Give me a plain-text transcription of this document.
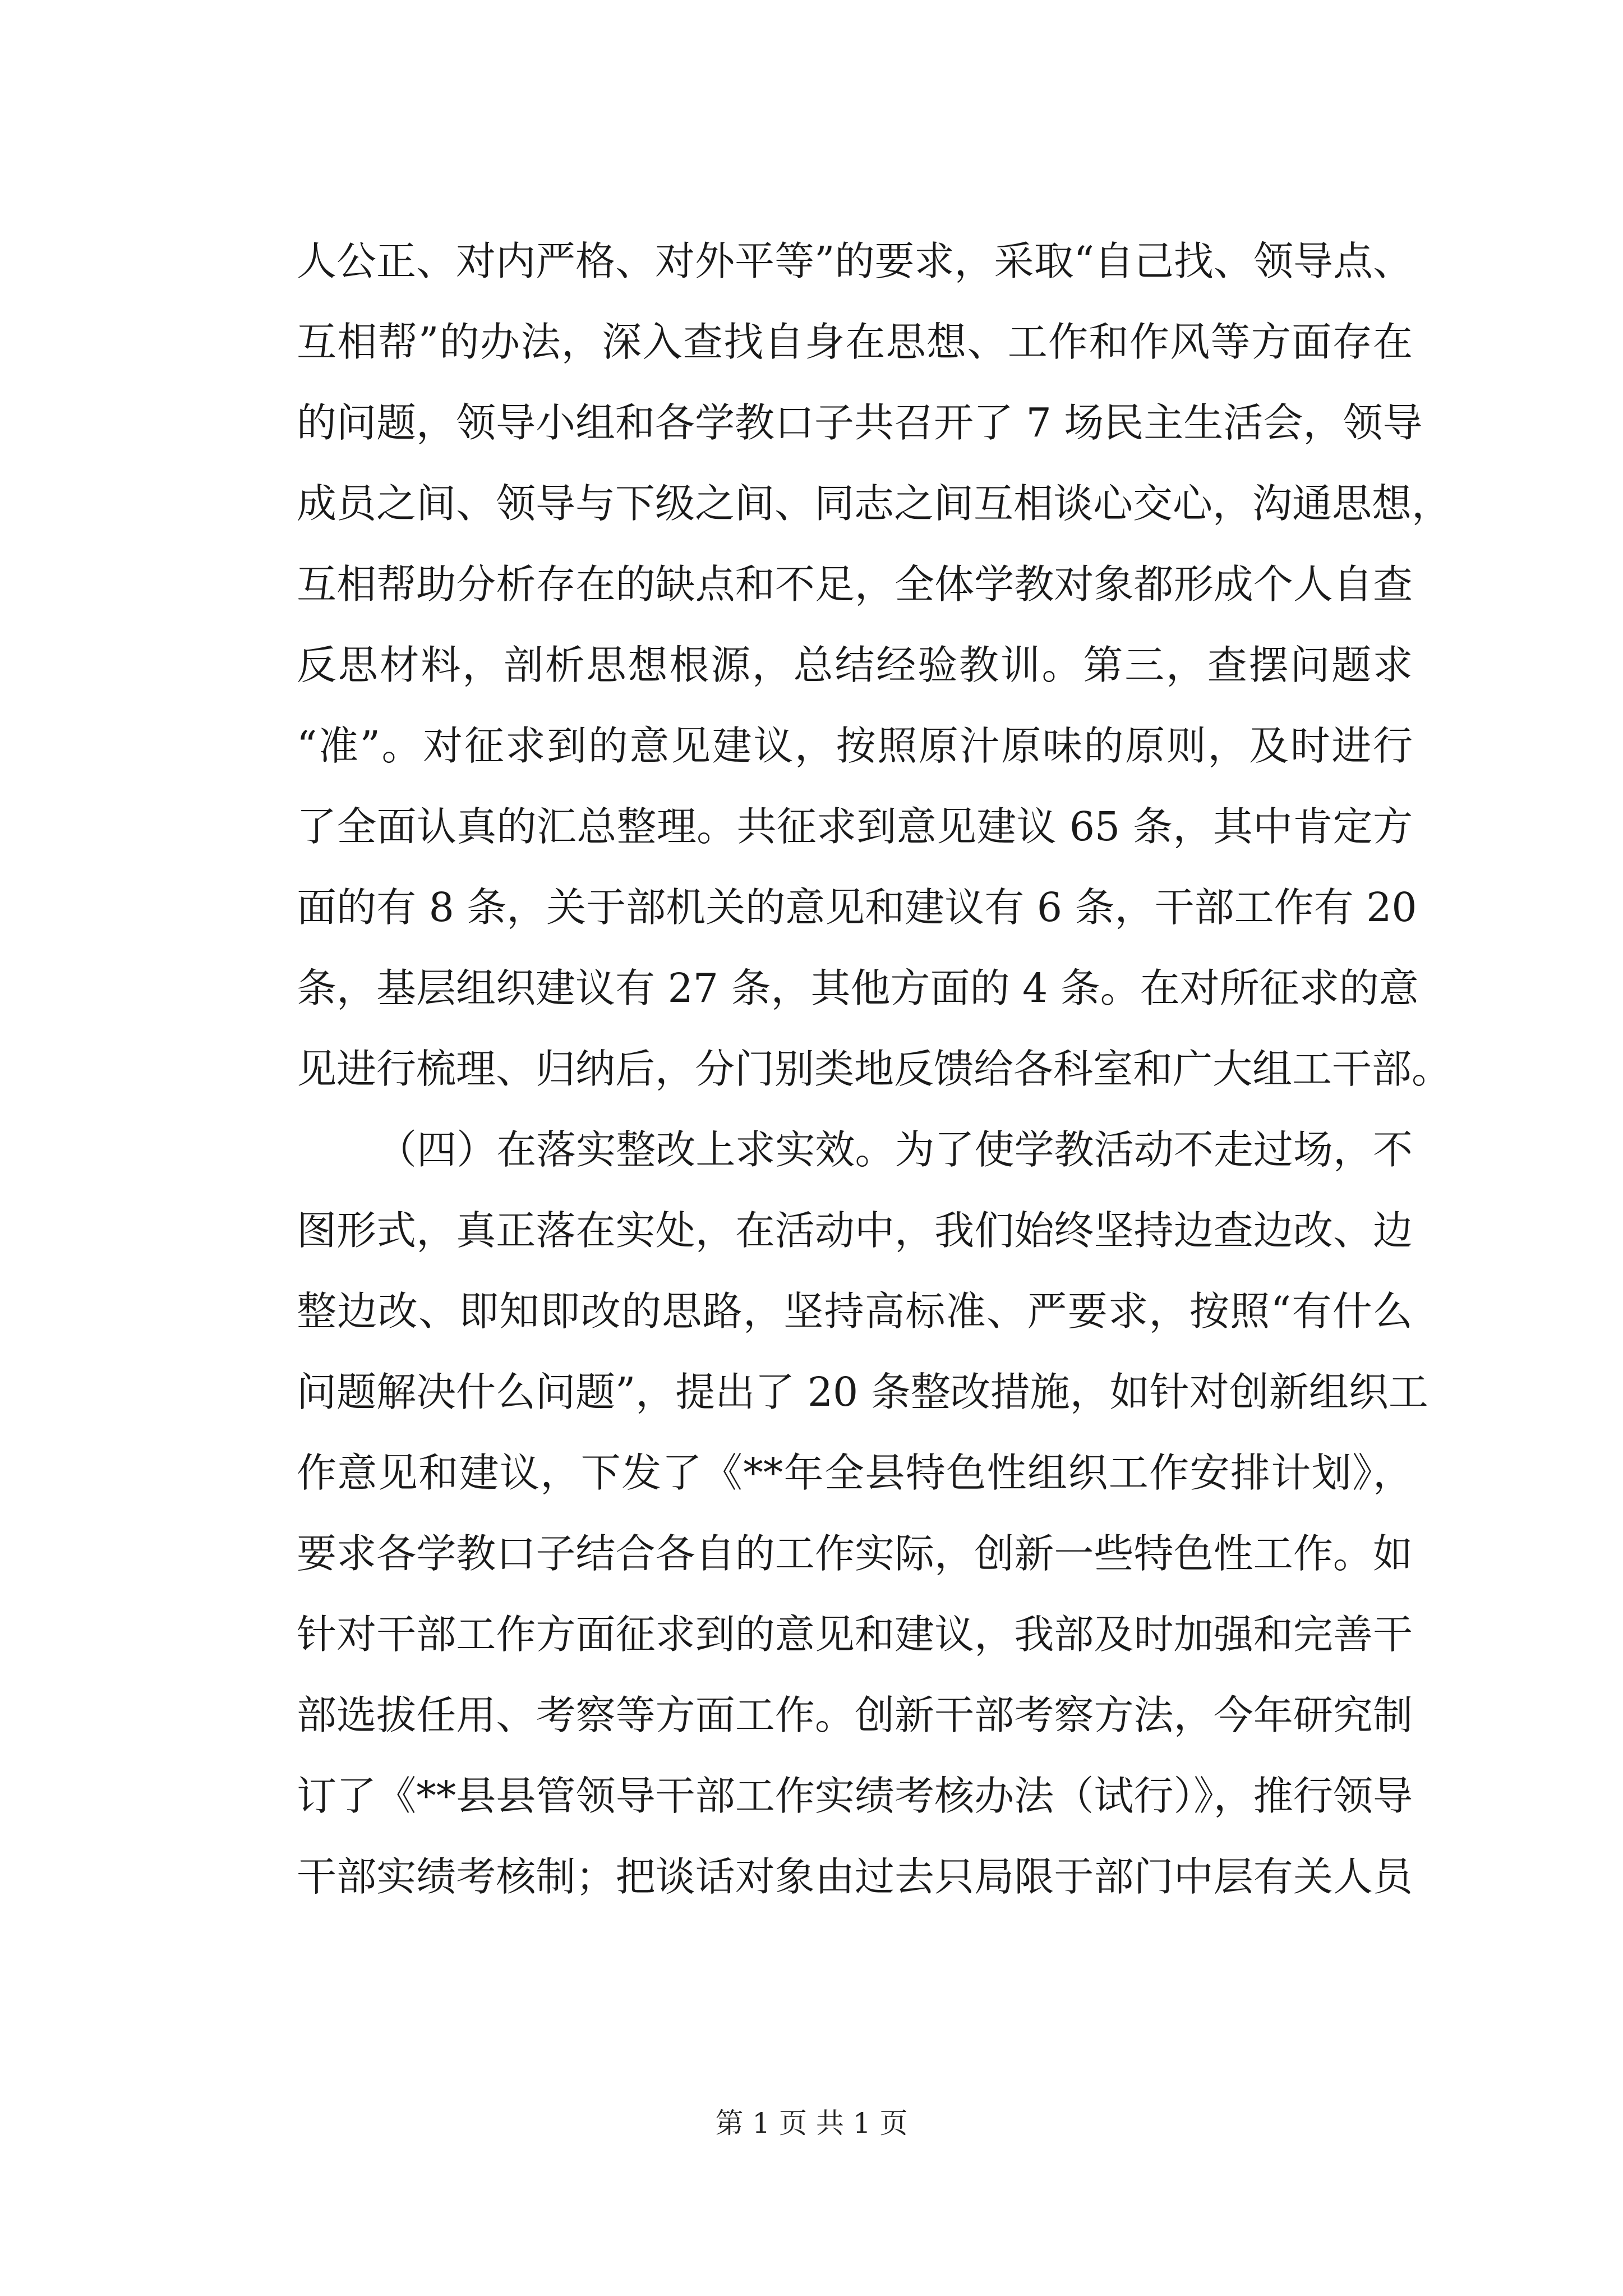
人公正、对内严格、对外平等”的要求，采取“自己找、领导点、
互相帮”的办法，深入查找自身在思想、工作和作风等方面存在
的问题，领导小组和各学教口子共召开了 7 场民主生活会，领导
成员之间、领导与下级之间、同志之间互相谈心交心，沟通思想，
互相帮助分析存在的缺点和不足，全体学教对象都形成个人自查
反思材料，剖析思想根源，总结经验教训。第三，查摆问题求
“准”。对征求到的意见建议，按照原汁原味的原则，及时进行
了全面认真的汇总整理。共征求到意见建议 65 条，其中肯定方
面的有 8 条，关于部机关的意见和建议有 6 条，干部工作有 20
条，基层组织建议有 27 条，其他方面的 4 条。在对所征求的意
见进行梳理、归纳后，分门别类地反馈给各科室和广大组工干部。
（四）在落实整改上求实效。为了使学教活动不走过场，不
图形式，真正落在实处，在活动中，我们始终坚持边查边改、边
整边改、即知即改的思路，坚持高标准、严要求，按照“有什么
问题解决什么问题”，提出了 20 条整改措施，如针对创新组织工
作意见和建议，下发了《**年全县特色性组织工作安排计划》，
要求各学教口子结合各自的工作实际，创新一些特色性工作。如
针对干部工作方面征求到的意见和建议，我部及时加强和完善干
部选拔任用、考察等方面工作。创新干部考察方法，今年研究制
订了《**县县管领导干部工作实绩考核办法（试行）》，推行领导
干部实绩考核制；把谈话对象由过去只局限于部门中层有关人员
第 1 页 共 1 页
